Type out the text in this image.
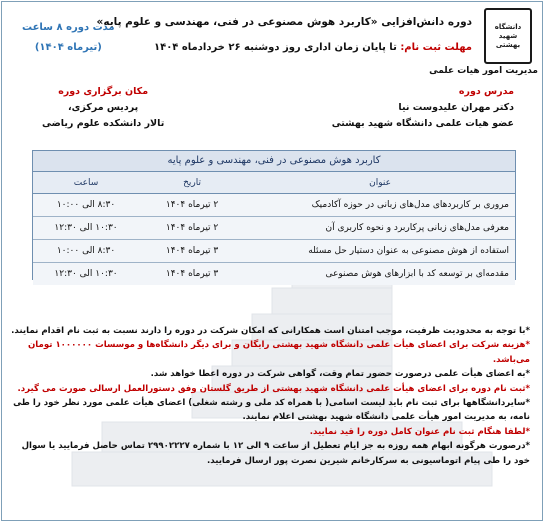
دانشگاه شهید بهشتی
مدیریت امور هیات علمی
دوره دانش‌افزایی «کاربرد هوش مصنوعی در فنی، مهندسی و علوم پایه»
مهلت ثبت نام: تا پایان زمان اداری روز دوشنبه ۲۶ خردادماه ۱۴۰۴
مدت دوره ۸ ساعت
(تیرماه ۱۴۰۴)
مدرس دوره
دکتر مهران علیدوست نیا
عضو هیات علمی دانشگاه شهید بهشتی
مکان برگزاری دوره
پردیس مرکزی،
تالار دانشکده علوم ریاضی
کاربرد هوش مصنوعی در فنی، مهندسی و علوم پایه
عنوان	تاریخ	ساعت
مروری بر کاربردهای مدل‌های زبانی در حوزه آکادمیک	۲ تیرماه ۱۴۰۴	۸:۳۰ الی ۱۰:۰۰
معرفی مدل‌های زبانی پرکاربرد و نحوه کاربری آن	۲ تیرماه ۱۴۰۴	۱۰:۳۰ الی ۱۲:۳۰
استفاده از هوش مصنوعی به عنوان دستیار حل مسئله	۳ تیرماه ۱۴۰۴	۸:۳۰ الی ۱۰:۰۰
مقدمه‌ای بر توسعه کد با ابزارهای هوش مصنوعی	۳ تیرماه ۱۴۰۴	۱۰:۳۰ الی ۱۲:۳۰

*با توجه به محدودیت ظرفیت، موجب امتنان است همکارانی که امکان شرکت در دوره را دارند نسبت به ثبت نام اقدام نمایند.

*هزینه شرکت برای اعضای هیأت علمی دانشگاه شهید بهشتی رایگان و برای دیگر دانشگاه‌ها و موسسات ۱۰۰۰۰۰۰ تومان می‌باشد.

*به اعضای هیأت علمی درصورت حضور تمام وقت، گواهی شرکت در دوره اعطا خواهد شد.

*ثبت نام دوره برای اعضای هیأت علمی دانشگاه شهید بهشتی از طریق گلستان وفق دستورالعمل ارسالی صورت می گیرد.

*سایردانشگاهها برای ثبت نام باید لیست اسامی( با همراه کد ملی و رشته شغلی) اعضای هیأت علمی مورد نظر خود را طی نامه، به مدیریت امور هیأت علمی دانشگاه شهید بهشتی اعلام نمایند.

*لطفا هنگام ثبت نام عنوان کامل دوره را قید نمایید.

*درصورت هرگونه ابهام همه روزه به جز ایام تعطیل از ساعت ۹ الی ۱۲ با شماره ۲۹۹۰۲۲۲۷ تماس حاصل فرمایید یا سوال خود را طی پیام اتوماسیونی به سرکارخانم شیرین نصرت پور ارسال فرمایید.
